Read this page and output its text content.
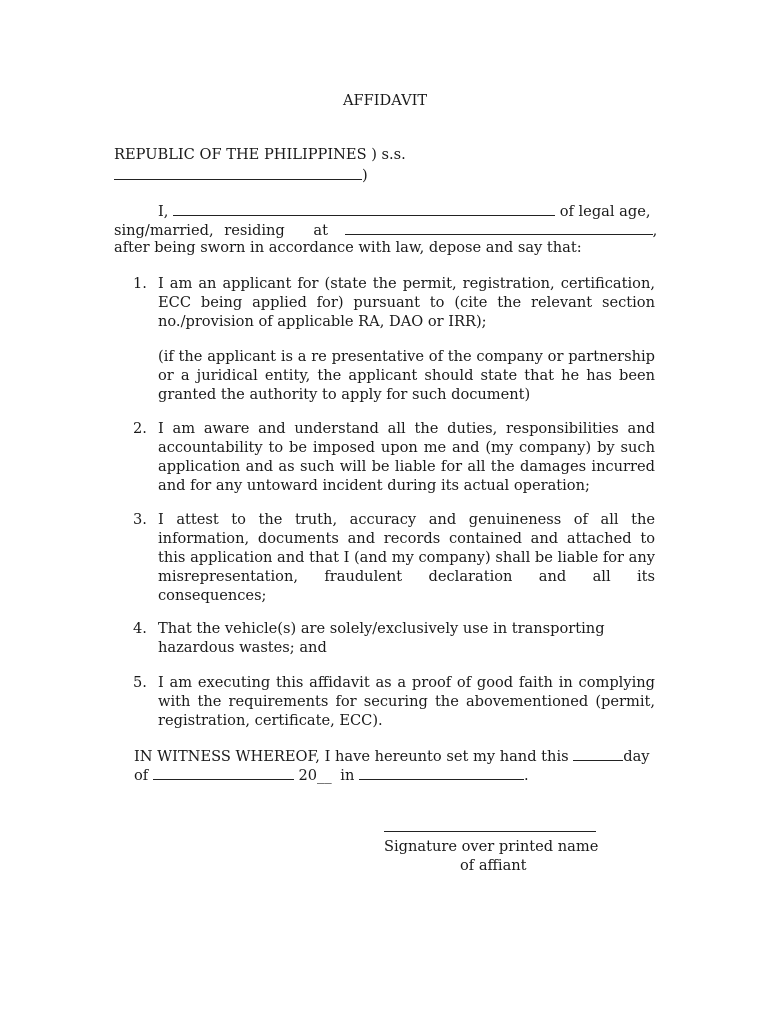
AFFIDAVIT
REPUBLIC OF THE PHILIPPINES ) s.s.
)
I,	of legal age,
sing/married, residing at	,
after being sworn in accordance with law, depose and say that:
1. I am an applicant for (state the permit, registration, certification,
ECC being applied for) pursuant to (cite the relevant section
no./provision of applicable RA, DAO or IRR);
(if the applicant is a re presentative of the company or partnership
or a juridical entity, the applicant should state that he has been
granted the authority to apply for such document)
2. I am aware and understand all the duties, responsibilities and
accountability to be imposed upon me and (my company) by such
application and as such will be liable for all the damages incurred
and for any untoward incident during its actual operation;
3. I attest to the truth, accuracy and genuineness of all the
information, documents and records contained and attached to
this application and that I (and my company) shall be liable for any
misrepresentation, fraudulent declaration and all its
consequences;
4. That the vehicle(s) are solely/exclusively use in transporting
hazardous wastes; and
5. I am executing this affidavit as a proof of good faith in complying
with the requirements for securing the abovementioned (permit,
registration, certificate, ECC).
IN WITNESS WHEREOF, I have hereunto set my hand this	day
of	20__ in	.
Signature over printed name
of affiant
